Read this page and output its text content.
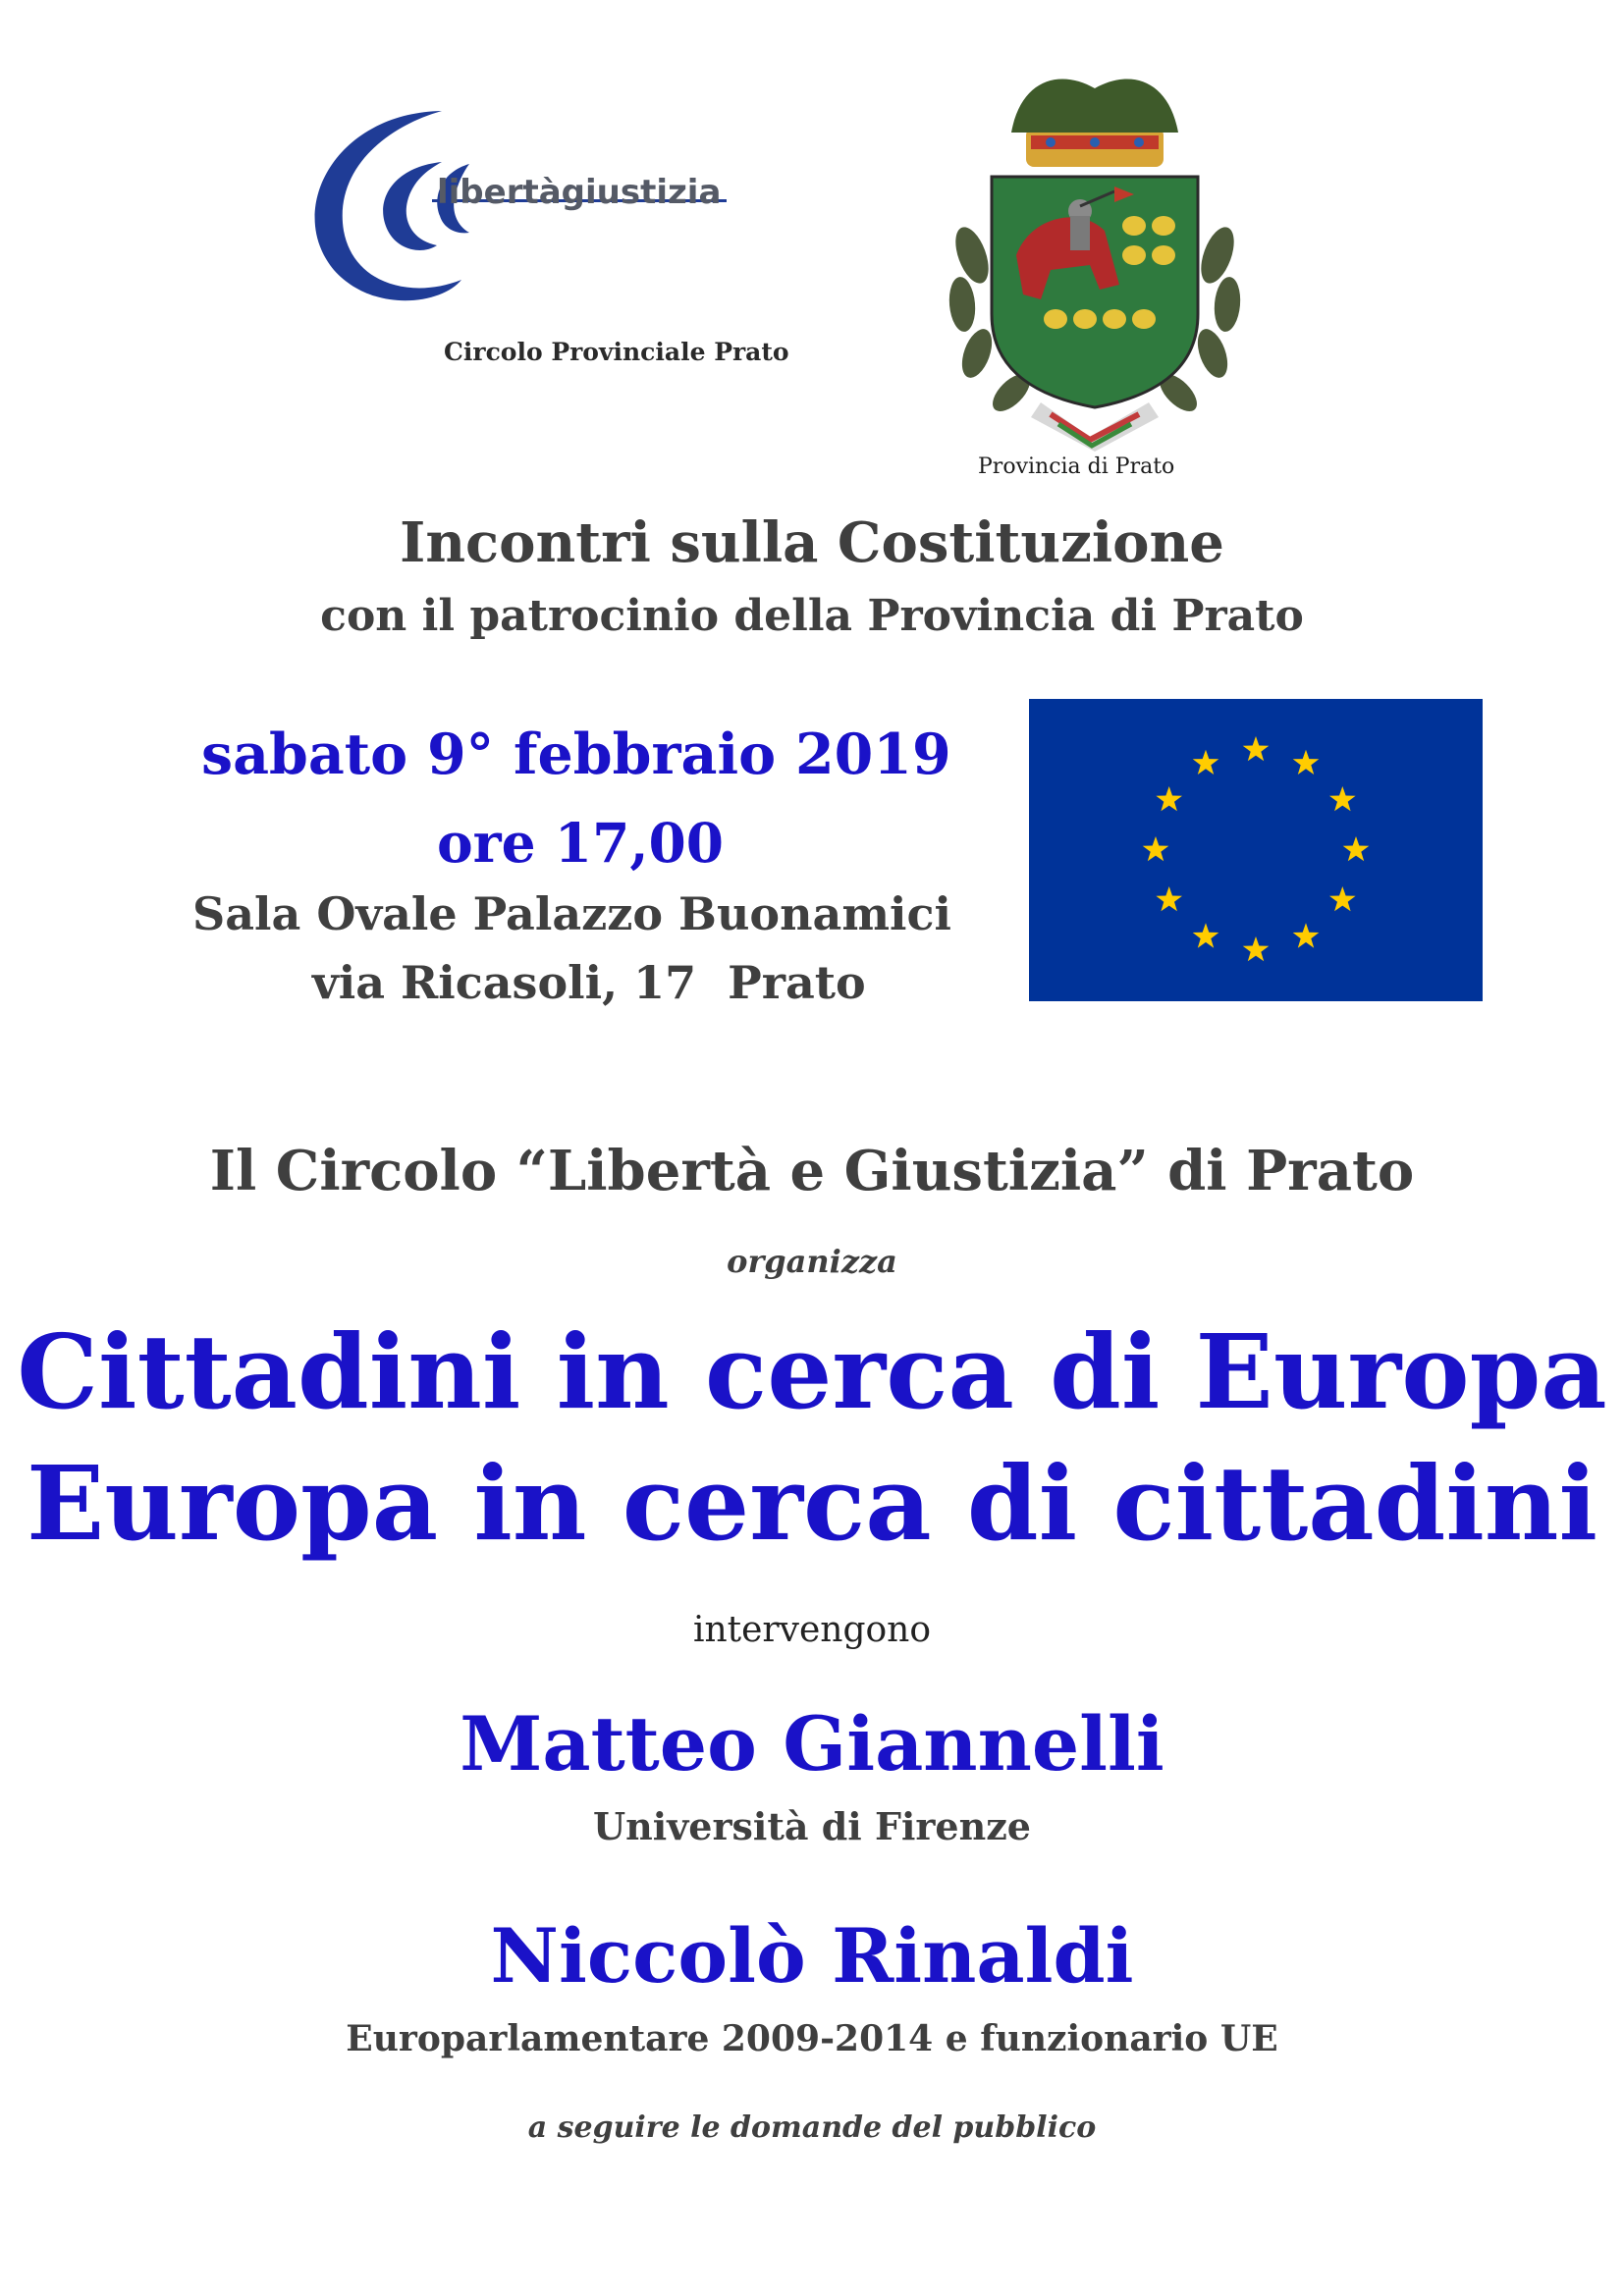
libertàgiustizia
Circolo Provinciale Prato
Provincia di Prato
Incontri sulla Costituzione
con il patrocinio della Provincia di Prato
sabato 9° febbraio 2019
ore 17,00
Sala Ovale Palazzo Buonamici
via Ricasoli, 17  Prato
Il Circolo “Libertà e Giustizia” di Prato
organizza
Cittadini in cerca di Europa
Europa in cerca di cittadini
intervengono
Matteo Giannelli
Università di Firenze
Niccolò Rinaldi
Europarlamentare 2009-2014 e funzionario UE
a seguire le domande del pubblico
